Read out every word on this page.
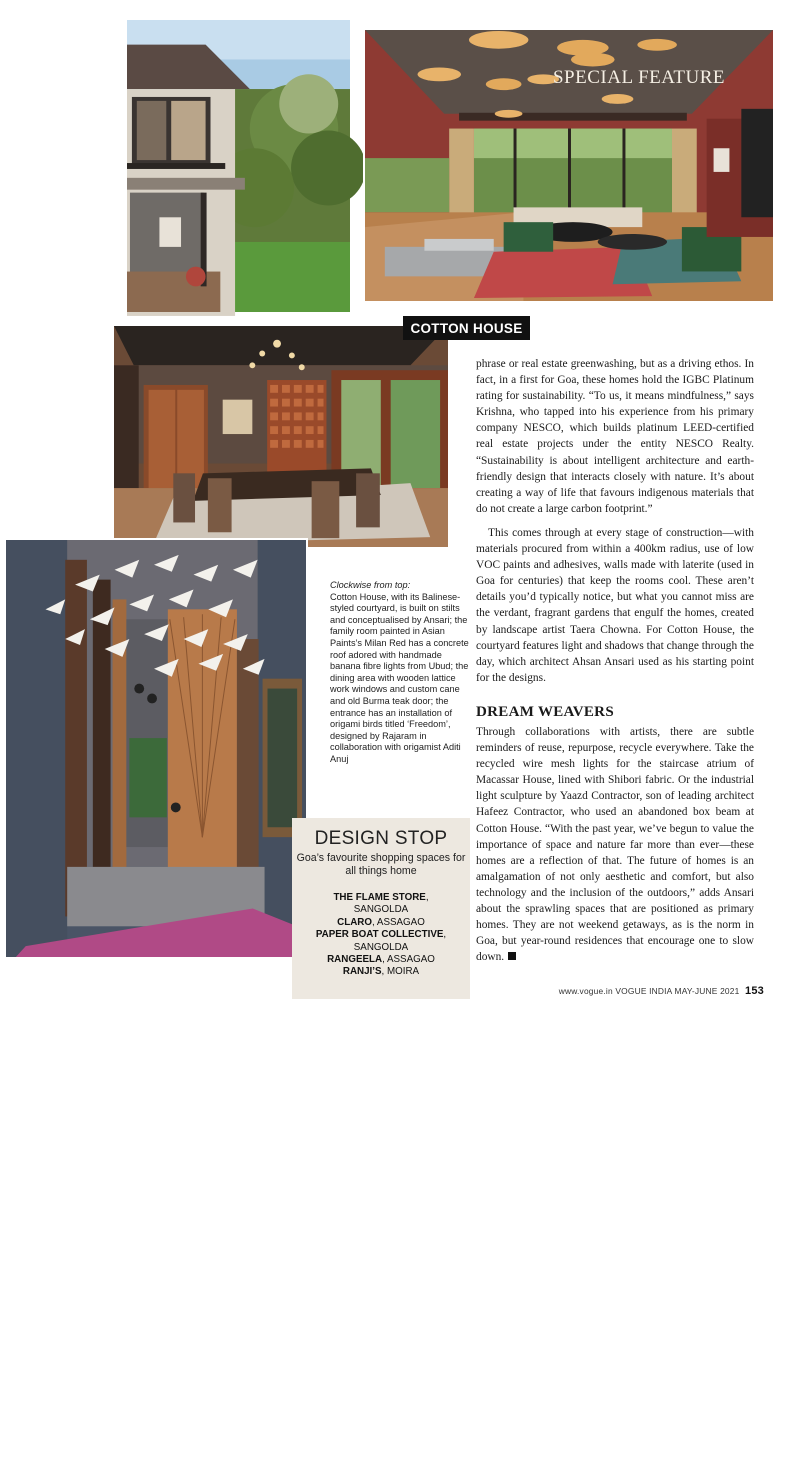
SPECIAL FEATURE
ASHISH SAHI
COTTON HOUSE

phrase or real estate greenwashing, but as a driving ethos. In fact, in a first for Goa, these homes hold the IGBC Platinum rating for sustainability. “To us, it means mindfulness,” says Krishna, who tapped into his experience from his primary company NESCO, which builds platinum LEED-certified real estate projects under the entity NESCO Realty. “Sustainability is about intelligent architecture and earth-friendly design that interacts closely with nature. It’s about creating a way of life that favours indigenous materials that do not create a large carbon footprint.”

This comes through at every stage of construction—with materials procured from within a 400km radius, use of low VOC paints and adhesives, walls made with laterite (used in Goa for centuries) that keep the rooms cool. These aren’t details you’d typically notice, but what you cannot miss are the verdant, fragrant gardens that engulf the homes, created by landscape artist Taera Chowna. For Cotton House, the courtyard features light and shadows that change through the day, which architect Ahsan Ansari used as his starting point for the designs.

DREAM WEAVERS

Through collaborations with artists, there are subtle reminders of reuse, repurpose, recycle everywhere. Take the recycled wire mesh lights for the staircase atrium of Macassar House, lined with Shibori fabric. Or the industrial light sculpture by Yaazd Contractor, son of leading architect Hafeez Contractor, who used an abandoned box beam at Cotton House. “With the past year, we’ve begun to value the importance of space and nature far more than ever—these homes are a reflection of that. The future of homes is an amalgamation of not only aesthetic and comfort, but also technology and the inclusion of the outdoors,” adds Ansari about the sprawling spaces that are positioned as primary homes. They are not weekend getaways, as is the norm in Goa, but year-round residences that encourage one to slow down.

Clockwise from top:
Cotton House, with its Balinese-styled courtyard, is built on stilts and conceptualised by Ansari; the family room painted in Asian Paints’s Milan Red has a concrete roof adored with handmade banana fibre lights from Ubud; the dining area with wooden lattice work windows and custom cane and old Burma teak door; the entrance has an installation of origami birds titled ‘Freedom’, designed by Rajaram in collaboration with origamist Aditi Anuj
DESIGN STOP
Goa’s favourite shopping spaces for all things home
THE FLAME STORE,
SANGOLDA
CLARO, ASSAGAO
PAPER BOAT COLLECTIVE,
SANGOLDA
RANGEELA, ASSAGAO
RANJI’S, MOIRA
www.vogue.in VOGUE INDIA MAY-JUNE 2021 153
